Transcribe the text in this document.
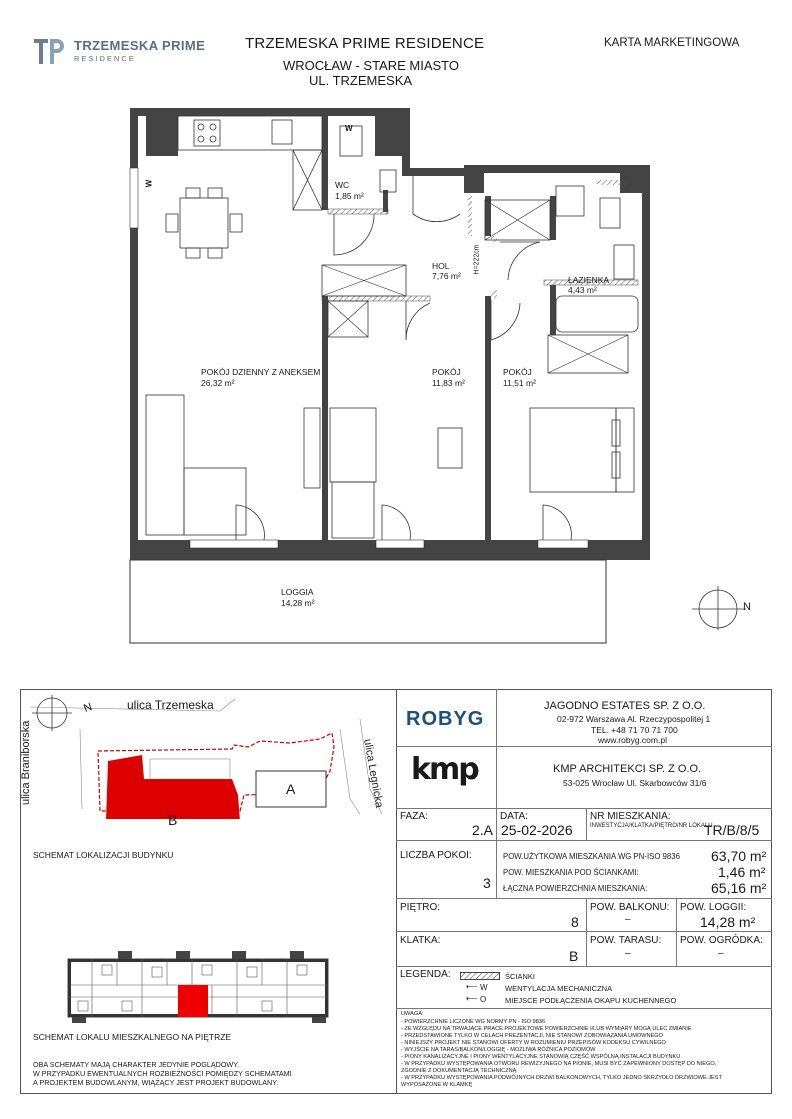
TRZEMESKA PRIME
RESIDENCE
TRZEMESKA PRIME RESIDENCE
WROCŁAW - STARE MIASTO
UL. TRZEMESKA
KARTA MARKETINGOWA
W
W	WC
1,85 m²
HOL
7,76 m²
H=222cm
ŁAZIENKA
4,43 m²
POKÓJ DZIENNY Z ANEKSEM
26,32 m²
POKÓJ
11,83 m²
POKÓJ
11,51 m²
LOGGIA
14,28 m²	N
ulica Trzemeska
ulica Braniborska	ulica Legnicka
A
B
N
SCHEMAT LOKALIZACJI BUDYNKU
SCHEMAT LOKALU MIESZKALNEGO NA PIĘTRZE
OBA SCHEMATY MAJĄ CHARAKTER JEDYNIE POGLĄDOWY.
W PRZYPADKU EWENTUALNYCH ROZBIEŻNOŚCI POMIĘDZY SCHEMATAMI
A PROJEKTEM BUDOWLANYM, WIĄŻĄCY JEST PROJEKT BUDOWLANY.
ROBYG
JAGODNO ESTATES SP. Z O.O.
02-972 Warszawa Al. Rzeczypospolitej 1
TEL. +48 71 70 71 700
www.robyg.com.pl
kmp	KMP ARCHITEKCI SP. Z O.O.
53-025 Wrocław Ul. Skarbowców 31/6
FAZA:
2.A
DATA:
25-02-2026
NR MIESZKANIA:
INWESTYCJA/KLATKA/PIĘTRO/NR LOKALU
TR/B/8/5
LICZBA POKOI:
3
POW.UŻYTKOWA MIESZKANIA WG PN-ISO 9836 63,70 m²
POW. MIESZKANIA POD ŚCIANKAMI:	1,46 m²
ŁĄCZNA POWIERZCHNIA MIESZKANIA:	65,16 m²
PIĘTRO:
8
POW. BALKONU:
–
POW. LOGGII:
14,28 m²
KLATKA:
B
POW. TARASU:
–
POW. OGRÓDKA:
–
LEGENDA:	ŚCIANKI
W
⟵	WENTYLACJA MECHANICZNA
O
⟵	MIEJSCE PODŁĄCZENIA OKAPU KUCHENNEGO
UWAGA:
- POWIERZCHNIE LICZONE WG NORMY PN - ISO 9836
- ZE WZGLĘDU NA TRWAJĄCE PRACE PROJEKTOWE POWIERZCHNIE I/LUB WYMIARY MOGĄ ULEC ZMIANIE
- PRZEDSTAWIONE TYLKO W CELACH PREZENTACJI, NIE STANOWI ZOBOWIĄZANIA UMOWNEGO
- NINIEJSZY PROJEKT NIE STANOWI OFERTY W ROZUMIENIU PRZEPISÓW KODEKSU CYWILNEGO
- WYJŚCIE NA TARAS/BALKON/LOGGIĘ - MOŻLIWA RÓŻNICA POZIOMÓW
- PIONY KANALIZACYJNE I PIONY WENTYLACYJNE STANOWIĄ CZĘŚĆ WSPÓLNĄ INSTALACJI BUDYNKU
- W PRZYPADKU WYSTĘPOWANIA OTWORU REWIZYJNEGO NA PIONIE, MUSI BYĆ ZAPEWNIONY DOSTĘP DO NIEGO,
ZGODNIE Z DOKUMENTACJĄ TECHNICZNĄ
- W PRZYPADKU WYSTĘPOWANIA PODWÓJNYCH DRZWI BALKONOWYCH, TYLKO JEDNO SKRZYDŁO DRZWIOWE JEST
WYPOSAŻONE W KLAMKĘ
